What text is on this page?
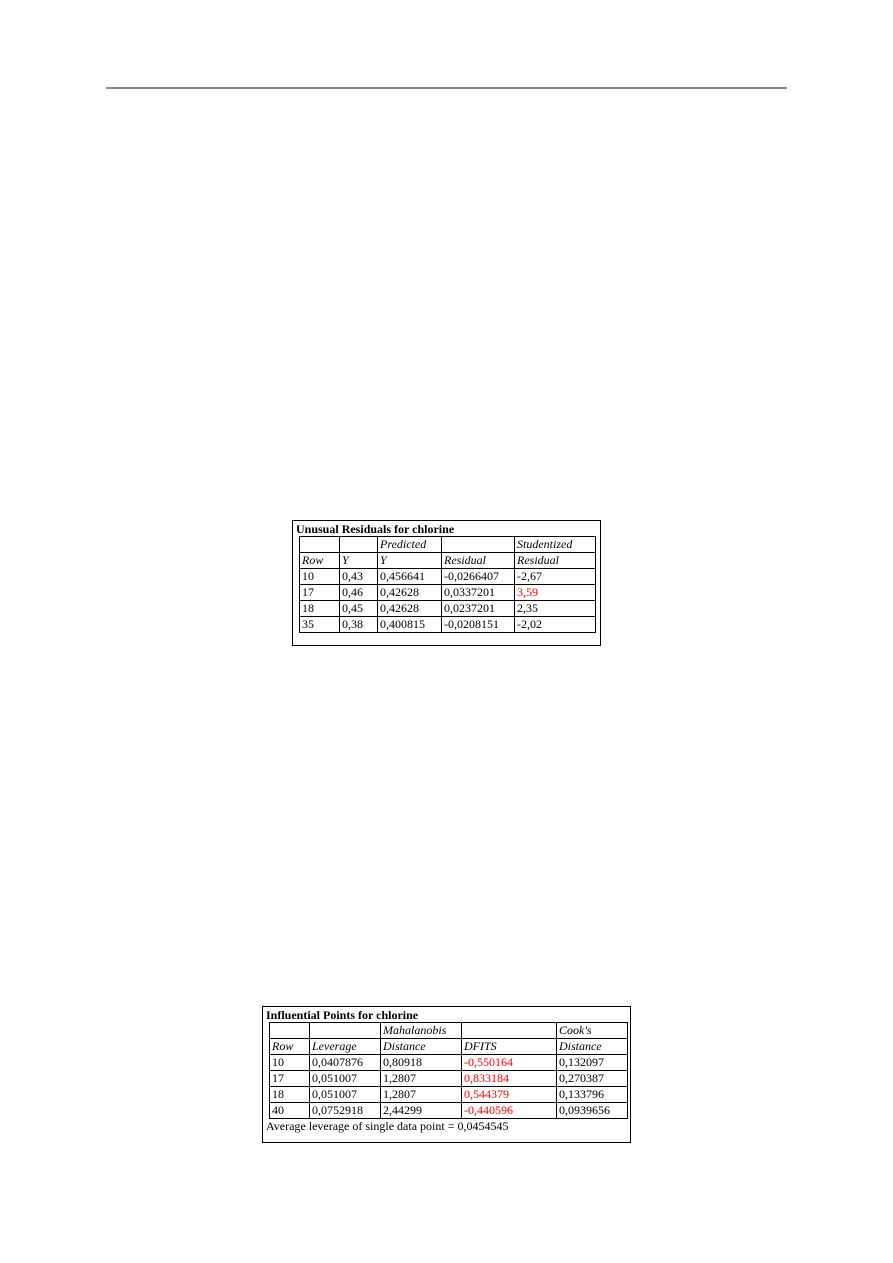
Unusual Residuals for chlorine
		Predicted		Studentized
Row	Y	Y	Residual	Residual
10	0,43	0,456641	-0,0266407	-2,67
17	0,46	0,42628	0,0337201	3,59
18	0,45	0,42628	0,0237201	2,35
35	0,38	0,400815	-0,0208151	-2,02
Influential Points for chlorine
		Mahalanobis		Cook's
Row	Leverage	Distance	DFITS	Distance
10	0,0407876	0,80918	-0,550164	0,132097
17	0,051007	1,2807	0,833184	0,270387
18	0,051007	1,2807	0,544379	0,133796
40	0,0752918	2,44299	-0,440596	0,0939656
Average leverage of single data point = 0,0454545
